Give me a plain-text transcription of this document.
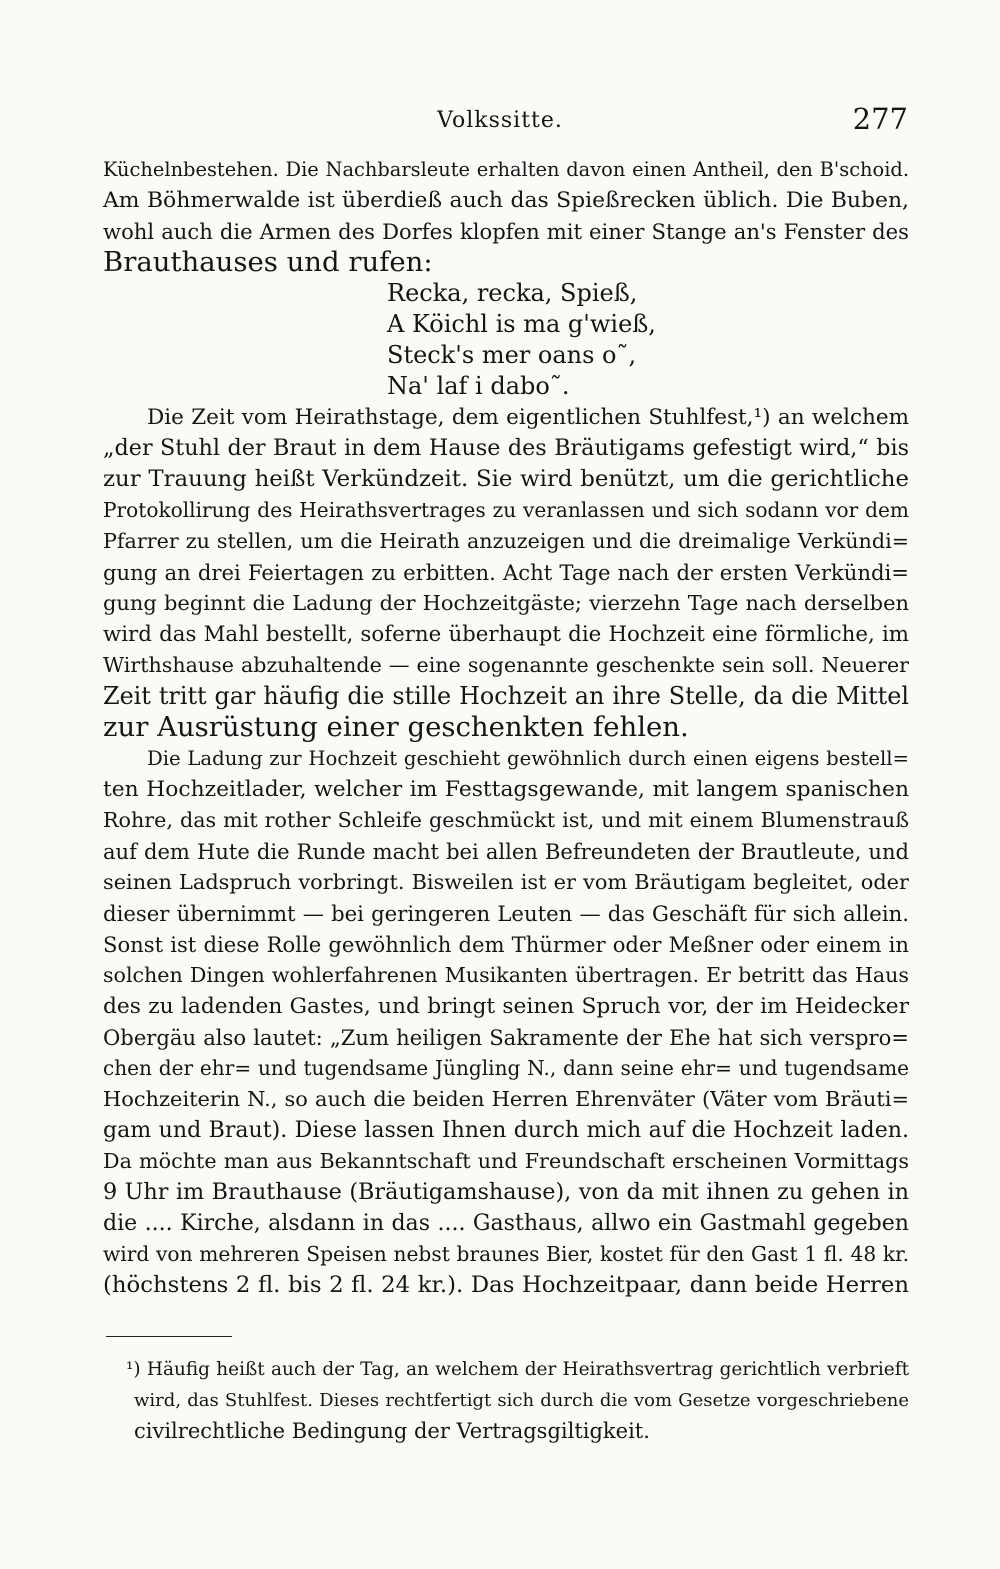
Volkssitte.	277
Küchelnbestehen. Die Nachbarsleute erhalten davon einen Antheil, den B'schoid.
Am Böhmerwalde ist überdieß auch das Spießrecken üblich. Die Buben,
wohl auch die Armen des Dorfes klopfen mit einer Stange an's Fenster des
Brauthauses und rufen:
Recka, recka, Spieß,
A Köichl is ma g'wieß,
Steck's mer oans o˜,
Na' laf i dabo˜.
Die Zeit vom Heirathstage, dem eigentlichen Stuhlfest,¹) an welchem
„der Stuhl der Braut in dem Hause des Bräutigams gefestigt wird,“ bis
zur Trauung heißt Verkündzeit. Sie wird benützt, um die gerichtliche
Protokollirung des Heirathsvertrages zu veranlassen und sich sodann vor dem
Pfarrer zu stellen, um die Heirath anzuzeigen und die dreimalige Verkündi=
gung an drei Feiertagen zu erbitten. Acht Tage nach der ersten Verkündi=
gung beginnt die Ladung der Hochzeitgäste; vierzehn Tage nach derselben
wird das Mahl bestellt, soferne überhaupt die Hochzeit eine förmliche, im
Wirthshause abzuhaltende — eine sogenannte geschenkte sein soll. Neuerer
Zeit tritt gar häufig die stille Hochzeit an ihre Stelle, da die Mittel
zur Ausrüstung einer geschenkten fehlen.
Die Ladung zur Hochzeit geschieht gewöhnlich durch einen eigens bestell=
ten Hochzeitlader, welcher im Festtagsgewande, mit langem spanischen
Rohre, das mit rother Schleife geschmückt ist, und mit einem Blumenstrauß
auf dem Hute die Runde macht bei allen Befreundeten der Brautleute, und
seinen Ladspruch vorbringt. Bisweilen ist er vom Bräutigam begleitet, oder
dieser übernimmt — bei geringeren Leuten — das Geschäft für sich allein.
Sonst ist diese Rolle gewöhnlich dem Thürmer oder Meßner oder einem in
solchen Dingen wohlerfahrenen Musikanten übertragen. Er betritt das Haus
des zu ladenden Gastes, und bringt seinen Spruch vor, der im Heidecker
Obergäu also lautet: „Zum heiligen Sakramente der Ehe hat sich verspro=
chen der ehr= und tugendsame Jüngling N., dann seine ehr= und tugendsame
Hochzeiterin N., so auch die beiden Herren Ehrenväter (Väter vom Bräuti=
gam und Braut). Diese lassen Ihnen durch mich auf die Hochzeit laden.
Da möchte man aus Bekanntschaft und Freundschaft erscheinen Vormittags
9 Uhr im Brauthause (Bräutigamshause), von da mit ihnen zu gehen in
die .... Kirche, alsdann in das .... Gasthaus, allwo ein Gastmahl gegeben
wird von mehreren Speisen nebst braunes Bier, kostet für den Gast 1 fl. 48 kr.
(höchstens 2 fl. bis 2 fl. 24 kr.). Das Hochzeitpaar, dann beide Herren
¹) Häufig heißt auch der Tag, an welchem der Heirathsvertrag gerichtlich verbrieft
wird, das Stuhlfest. Dieses rechtfertigt sich durch die vom Gesetze vorgeschriebene
civilrechtliche Bedingung der Vertragsgiltigkeit.
